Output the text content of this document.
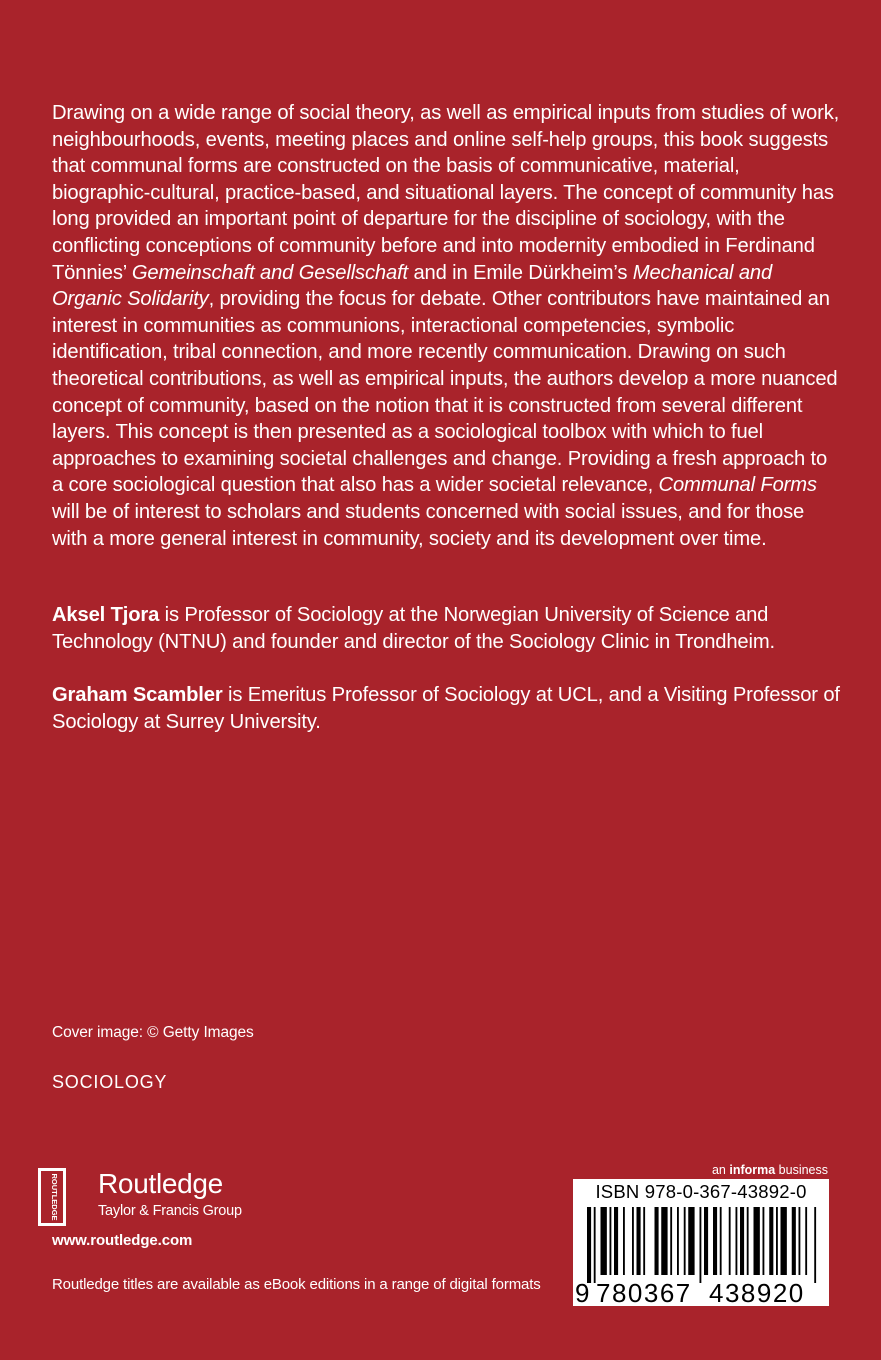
Drawing on a wide range of social theory, as well as empirical inputs from studies of work, neighbourhoods, events, meeting places and online self-help groups, this book suggests that communal forms are constructed on the basis of communicative, material, biographic-cultural, practice-based, and situational layers. The concept of community has long provided an important point of departure for the discipline of sociology, with the conflicting conceptions of community before and into modernity embodied in Ferdinand Tönnies’ Gemeinschaft and Gesellschaft and in Emile Dürkheim’s Mechanical and Organic Solidarity, providing the focus for debate. Other contributors have maintained an interest in communities as communions, interactional competencies, symbolic identification, tribal connection, and more recently communication. Drawing on such theoretical contributions, as well as empirical inputs, the authors develop a more nuanced concept of community, based on the notion that it is constructed from several different layers. This concept is then presented as a sociological toolbox with which to fuel approaches to examining societal challenges and change. Providing a fresh approach to a core sociological question that also has a wider societal relevance, Communal Forms will be of interest to scholars and students concerned with social issues, and for those with a more general interest in community, society and its development over time.

Aksel Tjora is Professor of Sociology at the Norwegian University of Science and Technology (NTNU) and founder and director of the Sociology Clinic in Trondheim.

Graham Scambler is Emeritus Professor of Sociology at UCL, and a Visiting Professor of Sociology at Surrey University.

Cover image: © Getty Images
SOCIOLOGY
ROUTLEDGE Routledge
Taylor & Francis Group
www.routledge.com
Routledge titles are available as eBook editions in a range of digital formats
an informa business
ISBN 978-0-367-43892-0
9 780367 438920
